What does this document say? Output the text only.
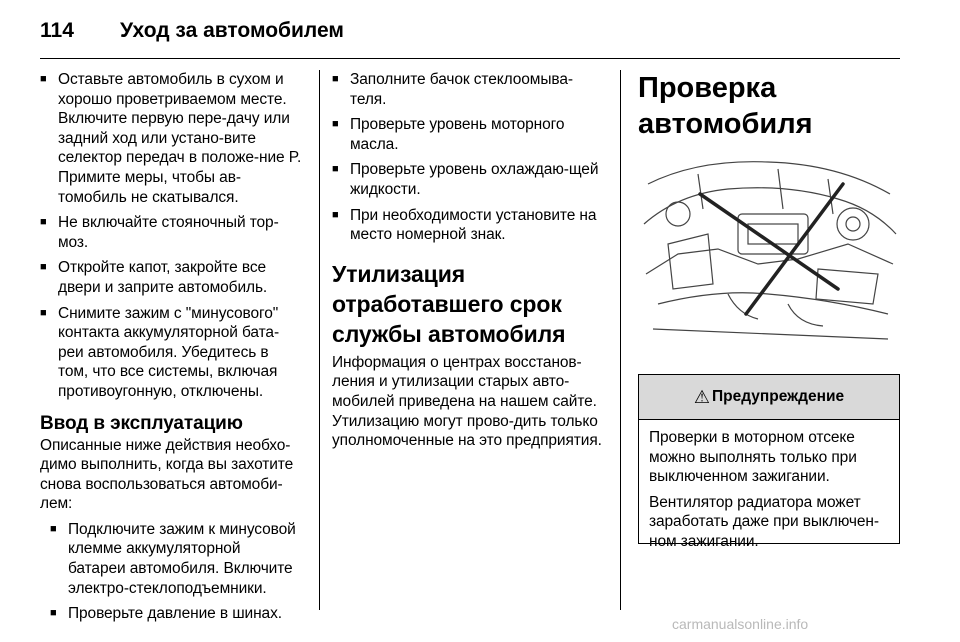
114 Уход за автомобилем
■ Оставьте автомобиль в сухом и хорошо проветриваемом месте. Включите первую пере-дачу или задний ход или устано-вите селектор передач в положе-ние P. Примите меры, чтобы ав-томобиль не скатывался.
■ Не включайте стояночный тор-моз.
■ Откройте капот, закройте все двери и заприте автомобиль.
■ Снимите зажим с "минусового" контакта аккумуляторной бата-реи автомобиля. Убедитесь в том, что все системы, включая противоугонную, отключены.
Ввод в эксплуатацию
Описанные ниже действия необхо-димо выполнить, когда вы захотите снова воспользоваться автомоби-лем:
■ Подключите зажим к минусовой клемме аккумуляторной батареи автомобиля. Включите электро-стеклоподъемники.
■ Проверьте давление в шинах.
■ Заполните бачок стеклоомыва-теля.
■ Проверьте уровень моторного масла.
■ Проверьте уровень охлаждаю-щей жидкости.
■ При необходимости установите на место номерной знак.
Утилизация отработавшего срок службы автомобиля
Информация о центрах восстанов-ления и утилизации старых авто-мобилей приведена на нашем сайте. Утилизацию могут прово-дить только уполномоченные на это предприятия.
Проверка автомобиля
⚠ Предупреждение
Проверки в моторном отсеке можно выполнять только при выключенном зажигании.
Вентилятор радиатора может заработать даже при выключен-ном зажигании.
carmanualsonline.info
